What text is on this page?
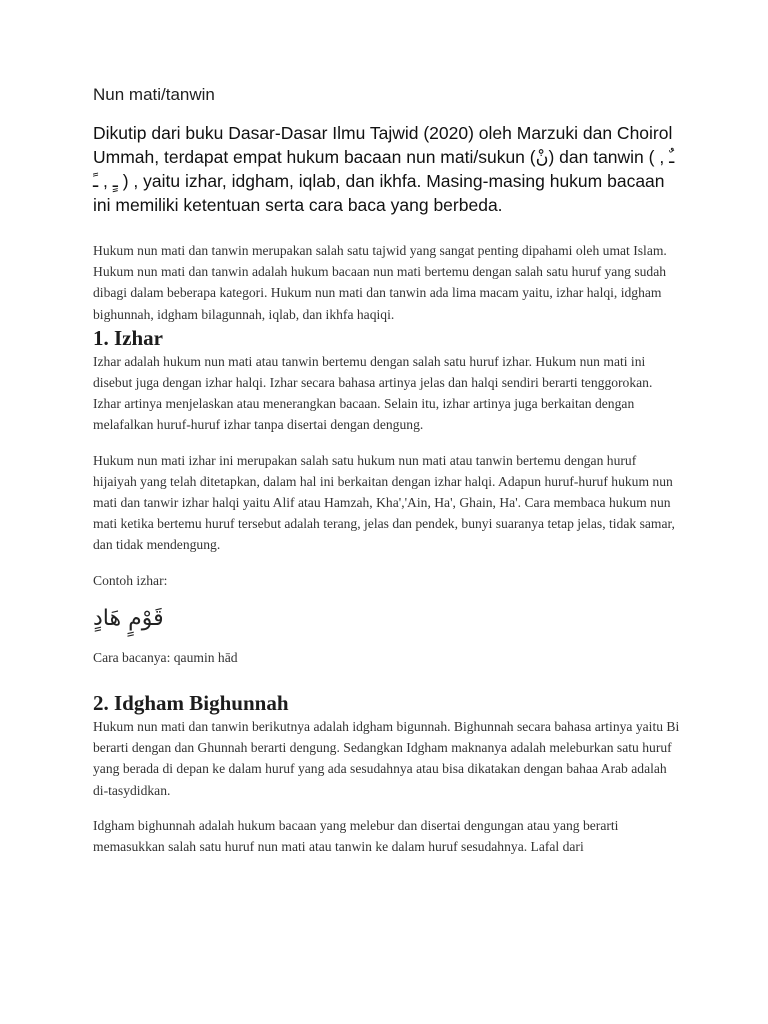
Nun mati/tanwin

Dikutip dari buku Dasar-Dasar Ilmu Tajwid (2020) oleh Marzuki dan Choirol Ummah, terdapat empat hukum bacaan nun mati/sukun (نْ) dan tanwin ( ـٌ , ـٍ , ـً ) , yaitu izhar, idgham, iqlab, dan ikhfa. Masing-masing hukum bacaan ini memiliki ketentuan serta cara baca yang berbeda.

Hukum nun mati dan tanwin merupakan salah satu tajwid yang sangat penting dipahami oleh umat Islam. Hukum nun mati dan tanwin adalah hukum bacaan nun mati bertemu dengan salah satu huruf yang sudah dibagi dalam beberapa kategori. Hukum nun mati dan tanwin ada lima macam yaitu, izhar halqi, idgham bighunnah, idgham bilagunnah, iqlab, dan ikhfa haqiqi.

1. Izhar

Izhar adalah hukum nun mati atau tanwin bertemu dengan salah satu huruf izhar. Hukum nun mati ini disebut juga dengan izhar halqi. Izhar secara bahasa artinya jelas dan halqi sendiri berarti tenggorokan. Izhar artinya menjelaskan atau menerangkan bacaan. Selain itu, izhar artinya juga berkaitan dengan melafalkan huruf-huruf izhar tanpa disertai dengan dengung.

Hukum nun mati izhar ini merupakan salah satu hukum nun mati atau tanwin bertemu dengan huruf hijaiyah yang telah ditetapkan, dalam hal ini berkaitan dengan izhar halqi. Adapun huruf-huruf hukum nun mati dan tanwir izhar halqi yaitu Alif atau Hamzah, Kha','Ain, Ha', Ghain, Ha'. Cara membaca hukum nun mati ketika bertemu huruf tersebut adalah terang, jelas dan pendek, bunyi suaranya tetap jelas, tidak samar, dan tidak mendengung.

Contoh izhar:

قَوْمٍ هَادٍ

Cara bacanya: qaumin hād

2. Idgham Bighunnah

Hukum nun mati dan tanwin berikutnya adalah idgham bigunnah. Bighunnah secara bahasa artinya yaitu Bi berarti dengan dan Ghunnah berarti dengung. Sedangkan Idgham maknanya adalah meleburkan satu huruf yang berada di depan ke dalam huruf yang ada sesudahnya atau bisa dikatakan dengan bahaa Arab adalah di-tasydidkan.

Idgham bighunnah adalah hukum bacaan yang melebur dan disertai dengungan atau yang berarti memasukkan salah satu huruf nun mati atau tanwin ke dalam huruf sesudahnya. Lafal dari
